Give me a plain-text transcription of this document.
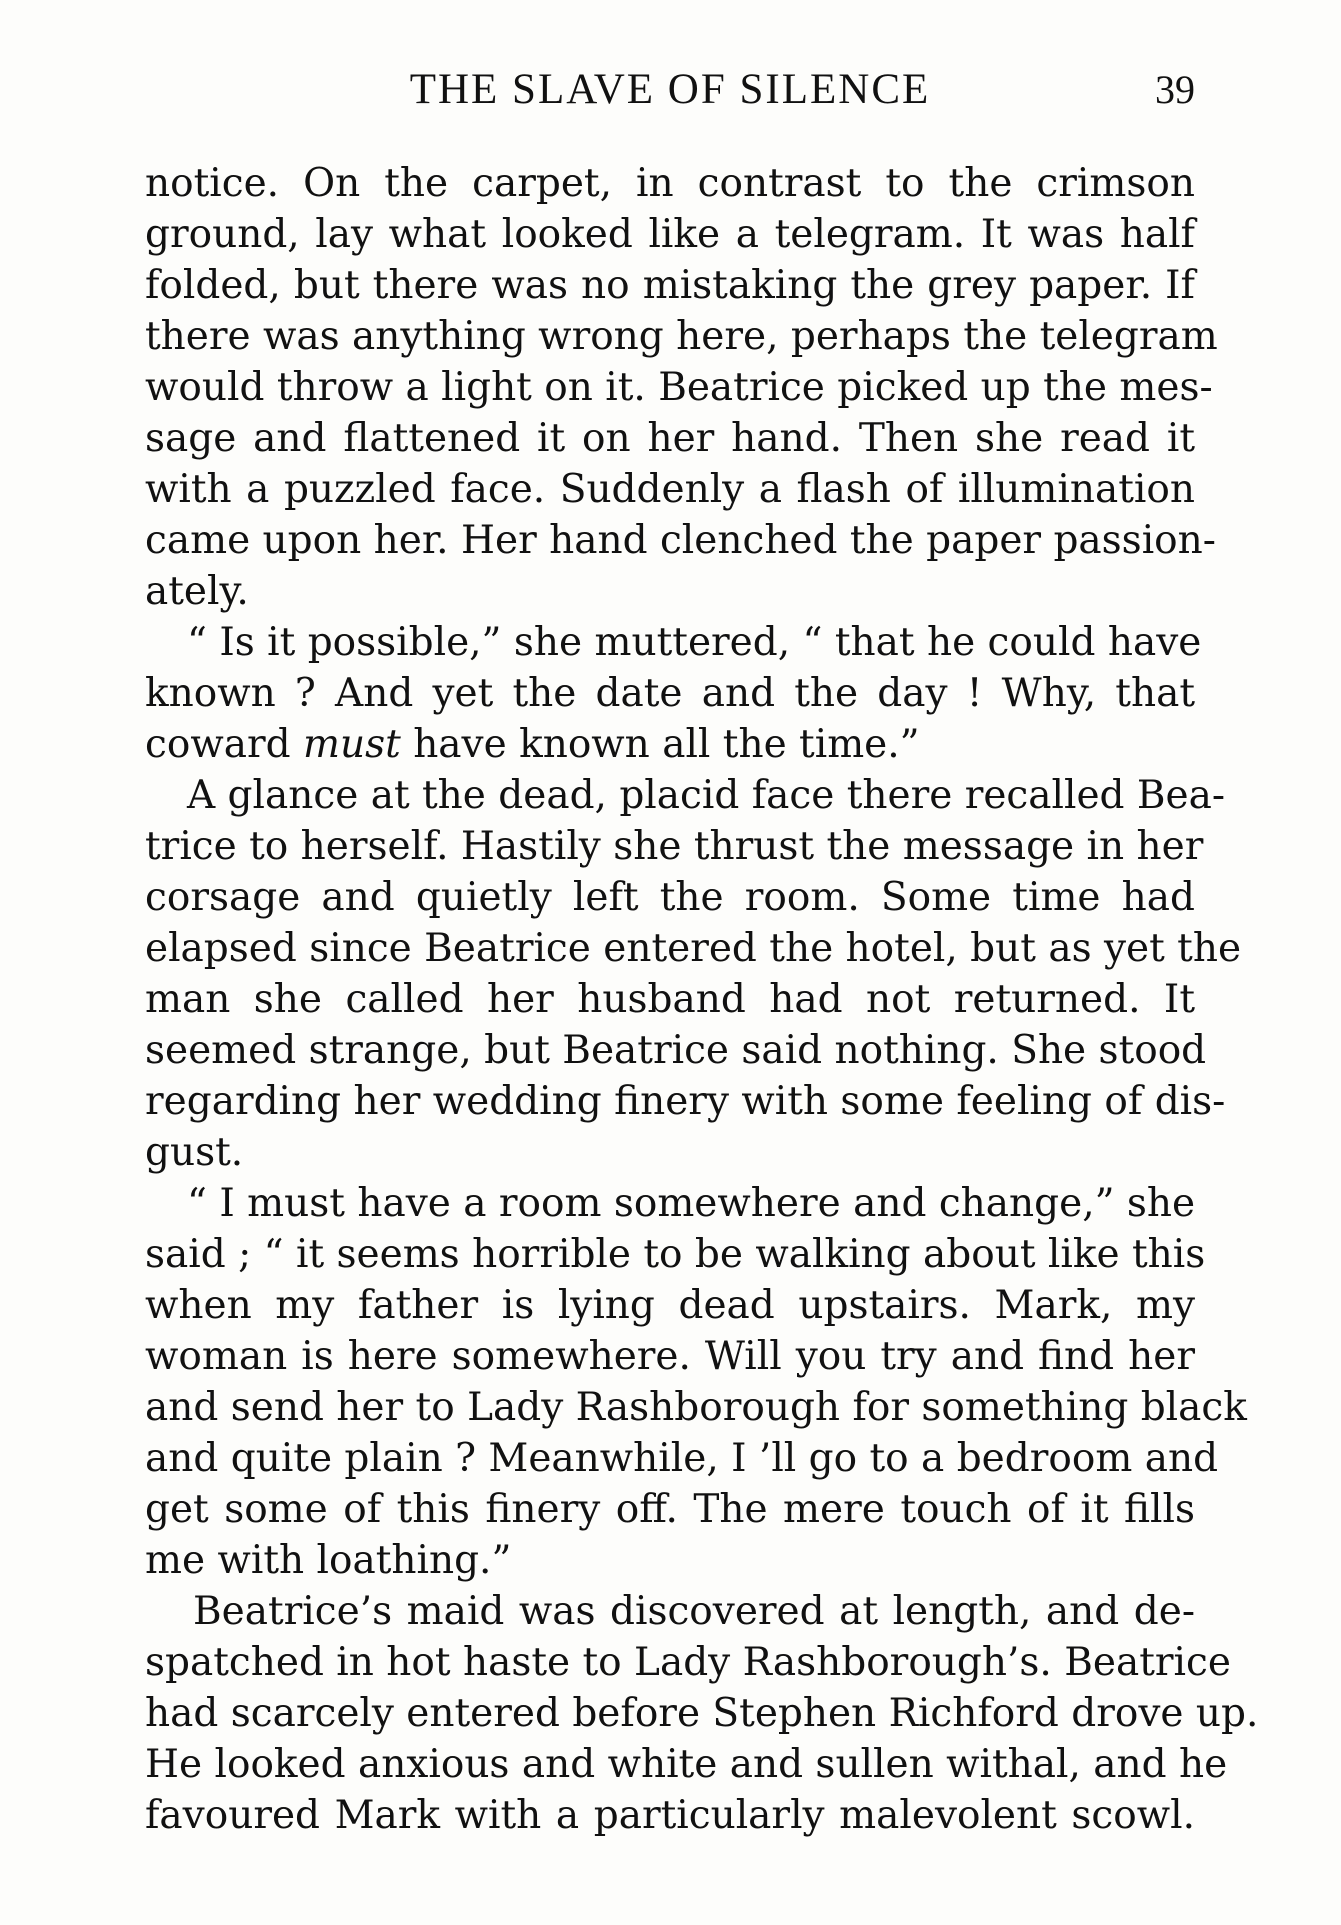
THE SLAVE OF SILENCE	39
notice. On the carpet, in contrast to the crimson
ground, lay what looked like a telegram. It was half
folded, but there was no mistaking the grey paper. If
there was anything wrong here, perhaps the telegram
would throw a light on it. Beatrice picked up the mes-
sage and flattened it on her hand. Then she read it
with a puzzled face. Suddenly a flash of illumination
came upon her. Her hand clenched the paper passion-
ately.
“ Is it possible,” she muttered, “ that he could have
known ? And yet the date and the day ! Why, that
coward must have known all the time.”
A glance at the dead, placid face there recalled Bea-
trice to herself. Hastily she thrust the message in her
corsage and quietly left the room. Some time had
elapsed since Beatrice entered the hotel, but as yet the
man she called her husband had not returned. It
seemed strange, but Beatrice said nothing. She stood
regarding her wedding finery with some feeling of dis-
gust.
“ I must have a room somewhere and change,” she
said ; “ it seems horrible to be walking about like this
when my father is lying dead upstairs. Mark, my
woman is here somewhere. Will you try and find her
and send her to Lady Rashborough for something black
and quite plain ? Meanwhile, I ’ll go to a bedroom and
get some of this finery off. The mere touch of it fills
me with loathing.”
Beatrice’s maid was discovered at length, and de-
spatched in hot haste to Lady Rashborough’s. Beatrice
had scarcely entered before Stephen Richford drove up.
He looked anxious and white and sullen withal, and he
favoured Mark with a particularly malevolent scowl.
